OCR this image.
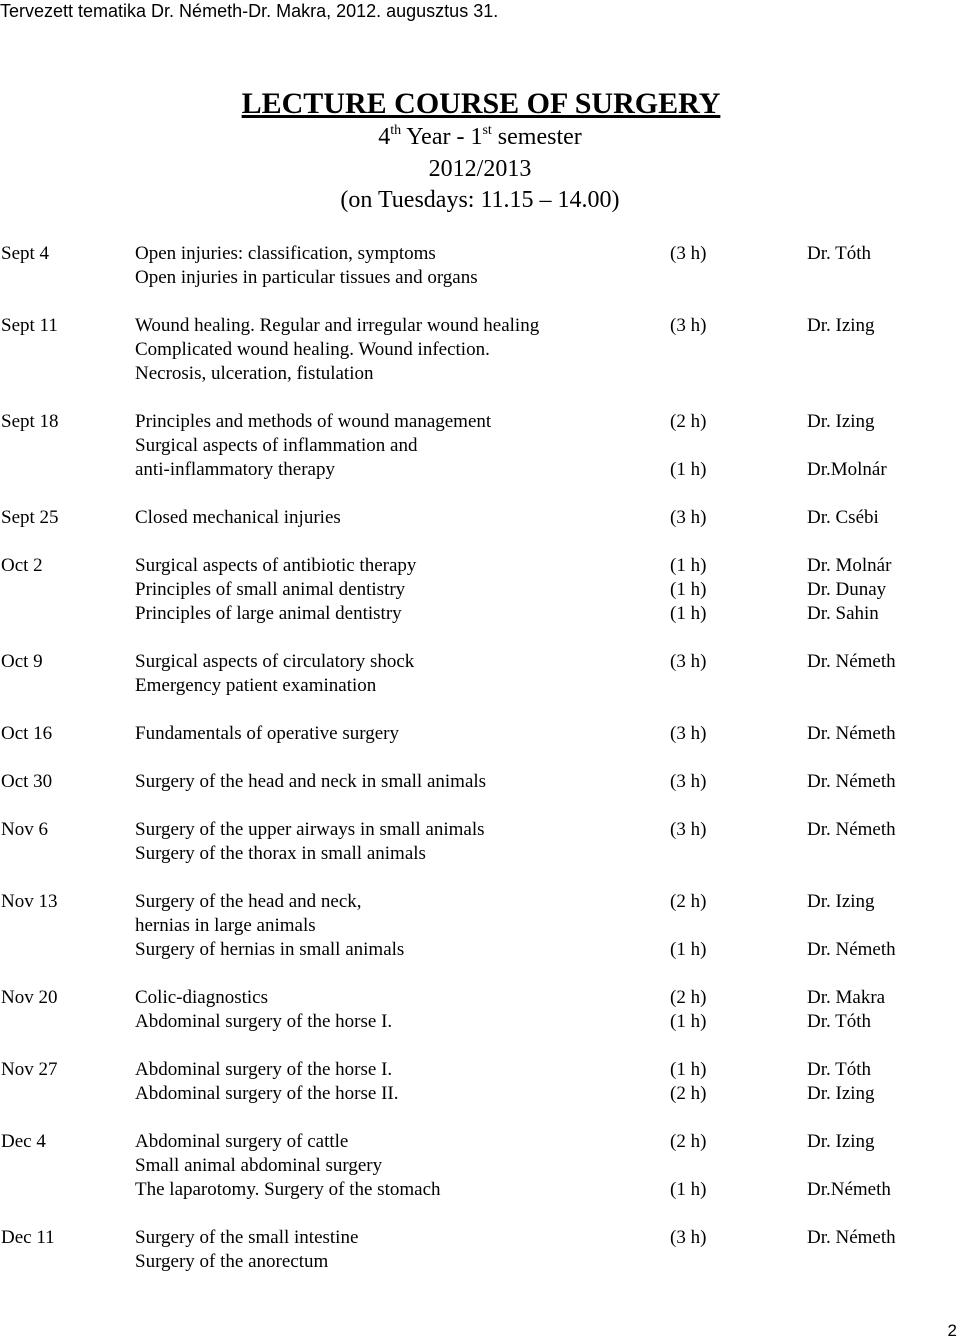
Tervezett tematika Dr. Németh-Dr. Makra, 2012. augusztus 31.
LECTURE COURSE OF SURGERY
4th Year - 1st semester
2012/2013
(on Tuesdays: 11.15 – 14.00)
Sept 4	Open injuries: classification, symptoms	(3 h)	Dr. Tóth
Open injuries in particular tissues and organs
Sept 11	Wound healing. Regular and irregular wound healing	(3 h)	Dr. Izing
Complicated wound healing. Wound infection.
Necrosis, ulceration, fistulation
Sept 18	Principles and methods of wound management	(2 h)	Dr. Izing
Surgical aspects of inflammation and
anti-inflammatory therapy	(1 h)	Dr.Molnár
Sept 25	Closed mechanical injuries	(3 h)	Dr. Csébi
Oct 2	Surgical aspects of antibiotic therapy	(1 h)	Dr. Molnár
Principles of small animal dentistry	(1 h)	Dr. Dunay
Principles of large animal dentistry	(1 h)	Dr. Sahin
Oct 9	Surgical aspects of circulatory shock	(3 h)	Dr. Németh
Emergency patient examination
Oct 16	Fundamentals of operative surgery	(3 h)	Dr. Németh
Oct 30	Surgery of the head and neck in small animals	(3 h)	Dr. Németh
Nov 6	Surgery of the upper airways in small animals	(3 h)	Dr. Németh
Surgery of the thorax in small animals
Nov 13	Surgery of the head and neck,	(2 h)	Dr. Izing
hernias in large animals
Surgery of hernias in small animals	(1 h)	Dr. Németh
Nov 20	Colic-diagnostics	(2 h)	Dr. Makra
Abdominal surgery of the horse I.	(1 h)	Dr. Tóth
Nov 27	Abdominal surgery of the horse I.	(1 h)	Dr. Tóth
Abdominal surgery of the horse II.	(2 h)	Dr. Izing
Dec 4	Abdominal surgery of cattle	(2 h)	Dr. Izing
Small animal abdominal surgery
The laparotomy. Surgery of the stomach	(1 h)	Dr.Németh
Dec 11	Surgery of the small intestine	(3 h)	Dr. Németh
Surgery of the anorectum
2
